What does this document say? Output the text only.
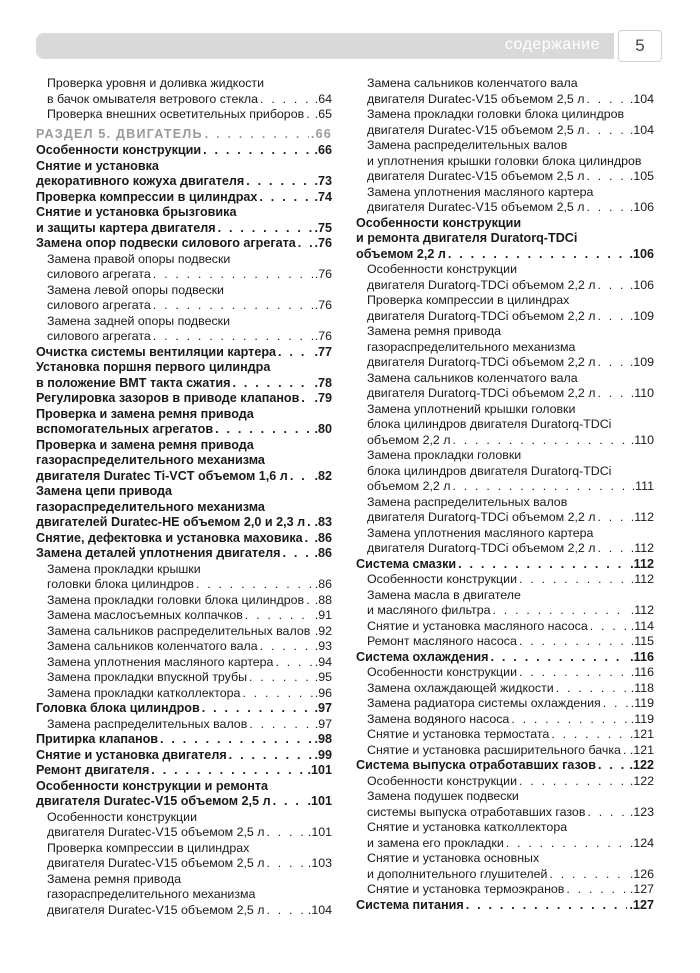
содержание	5
Проверка уровня и доливка жидкости
в бачок омывателя ветрового стекла . . .	.64
Проверка внешних осветительных приборов . . . .65
РАЗДЕЛ 5. ДВИГАТЕЛЬ . . .	.66
Особенности конструкции . . .	.66
Снятие и установка
декоративного кожуха двигателя . . .	.73
Проверка компрессии в цилиндрах . . .	.74
Снятие и установка брызговика
и защиты картера двигателя . . .	.75
Замена опор подвески силового агрегата . . . .76
Замена правой опоры подвески
силового агрегата . . .	.76
Замена левой опоры подвески
силового агрегата . . .	.76
Замена задней опоры подвески
силового агрегата . . .	.76
Очистка системы вентиляции картера . . .	.77
Установка поршня первого цилиндра
в положение ВМТ такта сжатия . . .	.78
Регулировка зазоров в приводе клапанов . . . .79
Проверка и замена ремня привода
вспомогательных агрегатов . . .	.80
Проверка и замена ремня привода
газораспределительного механизма
двигателя Duratec Ti-VCT объемом 1,6 л . . . .82
Замена цепи привода
газораспределительного механизма
двигателей Duratec-HE объемом 2,0 и 2,3 л . . . .83
Снятие, дефектовка и установка маховика . . . .86
Замена деталей уплотнения двигателя . . .	.86
Замена прокладки крышки
головки блока цилиндров . . .	.86
Замена прокладки головки блока цилиндров . . . .88
Замена маслосъемных колпачков . . .	.91
Замена сальников распределительных валов . . . .92
Замена сальников коленчатого вала . . .	.93
Замена уплотнения масляного картера . . .	.94
Замена прокладки впускной трубы . . .	.95
Замена прокладки катколлектора . . .	.96
Головка блока цилиндров . . .	.97
Замена распределительных валов . . .	.97
Притирка клапанов . . .	.98
Снятие и установка двигателя . . .	.99
Ремонт двигателя . . .	.101
Особенности конструкции и ремонта
двигателя Duratec-V15 объемом 2,5 л . . .	.101
Особенности конструкции
двигателя Duratec-V15 объемом 2,5 л . . .	.101
Проверка компрессии в цилиндрах
двигателя Duratec-V15 объемом 2,5 л . . .	.103
Замена ремня привода
газораспределительного механизма
двигателя Duratec-V15 объемом 2,5 л . . .	.104
Замена сальников коленчатого вала
двигателя Duratec-V15 объемом 2,5 л . . .	.104
Замена прокладки головки блока цилиндров
двигателя Duratec-V15 объемом 2,5 л . . .	.104
Замена распределительных валов
и уплотнения крышки головки блока цилиндров
двигателя Duratec-V15 объемом 2,5 л . . .	.105
Замена уплотнения масляного картера
двигателя Duratec-V15 объемом 2,5 л . . .	.106
Особенности конструкции
и ремонта двигателя Duratorq-TDCi
объемом 2,2 л . . .	.106
Особенности конструкции
двигателя Duratorq-TDCi объемом 2,2 л . . .	.106
Проверка компрессии в цилиндрах
двигателя Duratorq-TDCi объемом 2,2 л . . .	.109
Замена ремня привода
газораспределительного механизма
двигателя Duratorq-TDCi объемом 2,2 л . . .	.109
Замена сальников коленчатого вала
двигателя Duratorq-TDCi объемом 2,2 л . . .	.110
Замена уплотнений крышки головки
блока цилиндров двигателя Duratorq-TDCi
объемом 2,2 л . . .	.110
Замена прокладки головки
блока цилиндров двигателя Duratorq-TDCi
объемом 2,2 л . . .	.111
Замена распределительных валов
двигателя Duratorq-TDCi объемом 2,2 л . . .	.112
Замена уплотнения масляного картера
двигателя Duratorq-TDCi объемом 2,2 л . . .	.112
Система смазки . . .	.112
Особенности конструкции . . .	.112
Замена масла в двигателе
и масляного фильтра . . .	.112
Снятие и установка масляного насоса . . .	.114
Ремонт масляного насоса . . .	.115
Система охлаждения . . .	.116
Особенности конструкции . . .	.116
Замена охлаждающей жидкости . . .	.118
Замена радиатора системы охлаждения . . . .119
Замена водяного насоса . . .	.119
Снятие и установка термостата . . .	.121
Снятие и установка расширительного бачка . . . .121
Система выпуска отработавших газов . . .	.122
Особенности конструкции . . .	.122
Замена подушек подвески
системы выпуска отработавших газов . . .	.123
Снятие и установка катколлектора
и замена его прокладки . . .	.124
Снятие и установка основных
и дополнительного глушителей . . .	.126
Снятие и установка термоэкранов . . .	.127
Система питания . . .	.127
